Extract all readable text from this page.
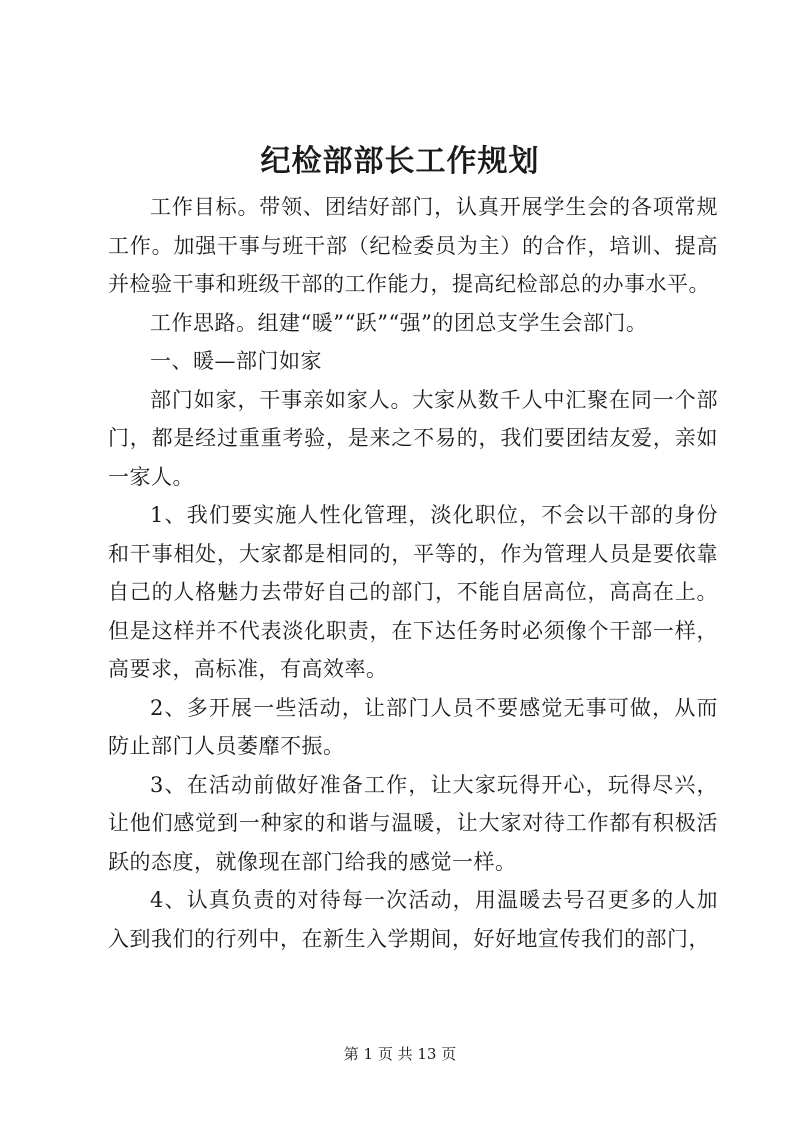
纪检部部长工作规划

工作目标。带领、团结好部门，认真开展学生会的各项常规工作。加强干事与班干部（纪检委员为主）的合作，培训、提高并检验干事和班级干部的工作能力，提高纪检部总的办事水平。

工作思路。组建“暖”“跃”“强”的团总支学生会部门。

一、暖—部门如家

部门如家，干事亲如家人。大家从数千人中汇聚在同一个部门，都是经过重重考验，是来之不易的，我们要团结友爱，亲如一家人。

1、我们要实施人性化管理，淡化职位，不会以干部的身份和干事相处，大家都是相同的，平等的，作为管理人员是要依靠自己的人格魅力去带好自己的部门，不能自居高位，高高在上。但是这样并不代表淡化职责，在下达任务时必须像个干部一样，高要求，高标准，有高效率。

2、多开展一些活动，让部门人员不要感觉无事可做，从而防止部门人员萎靡不振。

3、在活动前做好准备工作，让大家玩得开心，玩得尽兴，让他们感觉到一种家的和谐与温暖，让大家对待工作都有积极活跃的态度，就像现在部门给我的感觉一样。

4、认真负责的对待每一次活动，用温暖去号召更多的人加入到我们的行列中，在新生入学期间，好好地宣传我们的部门，

第 1 页 共 13 页
